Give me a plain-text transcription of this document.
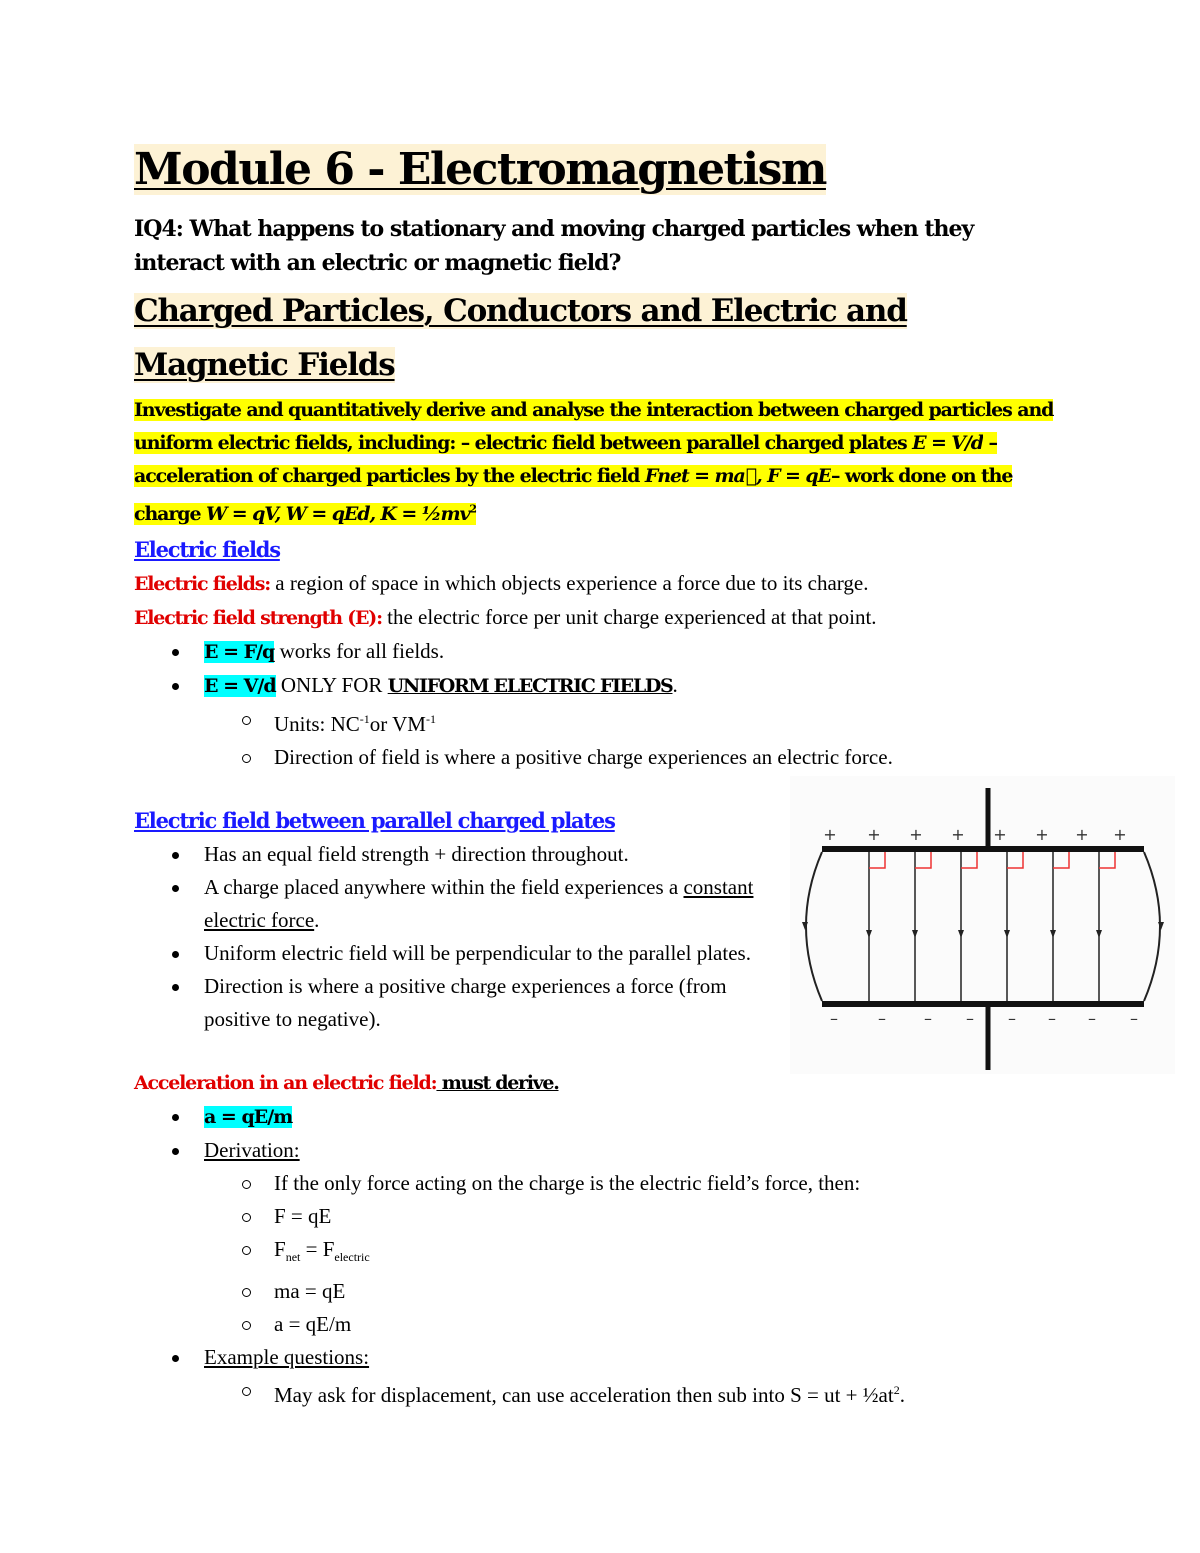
Module 6 - Electromagnetism

IQ4: What happens to stationary and moving charged particles when they interact with an electric or magnetic field?

Charged Particles, Conductors and Electric and Magnetic Fields

Investigate and quantitatively derive and analyse the interaction between charged particles and uniform electric fields, including: – electric field between parallel charged plates E = V/d – acceleration of charged particles by the electric field Fnet = ma⃗, F = qE– work done on the charge W = qV, W = qEd, $K = \frac{1}{2}mv^2$

Electric fields

Electric fields: a region of space in which objects experience a force due to its charge.

Electric field strength (E): the electric force per unit charge experienced at that point.

E = F/q works for all fields.
E = V/d ONLY FOR UNIFORM ELECTRIC FIELDS.
Units: $NC^{-1}or$ $VM^{-1}$
Direction of field is where a positive charge experiences an electric force.

Electric field between parallel charged plates

Has an equal field strength + direction throughout.
A charge placed anywhere within the field experiences a constant electric force.
Uniform electric field will be perpendicular to the parallel plates.
Direction is where a positive charge experiences a force (from positive to negative).

Acceleration in an electric field: must derive.

a = qE/m
Derivation:
If the only force acting on the charge is the electric field’s force, then:
F = qE
$F_{net} = F_{electric}$
ma = qE
a = qE/m
Example questions:
May ask for displacement, can use acceleration then sub into S = ut + $\frac{1}{2}at^2$.
+ + + + + + + +
–	– – – – – – –
